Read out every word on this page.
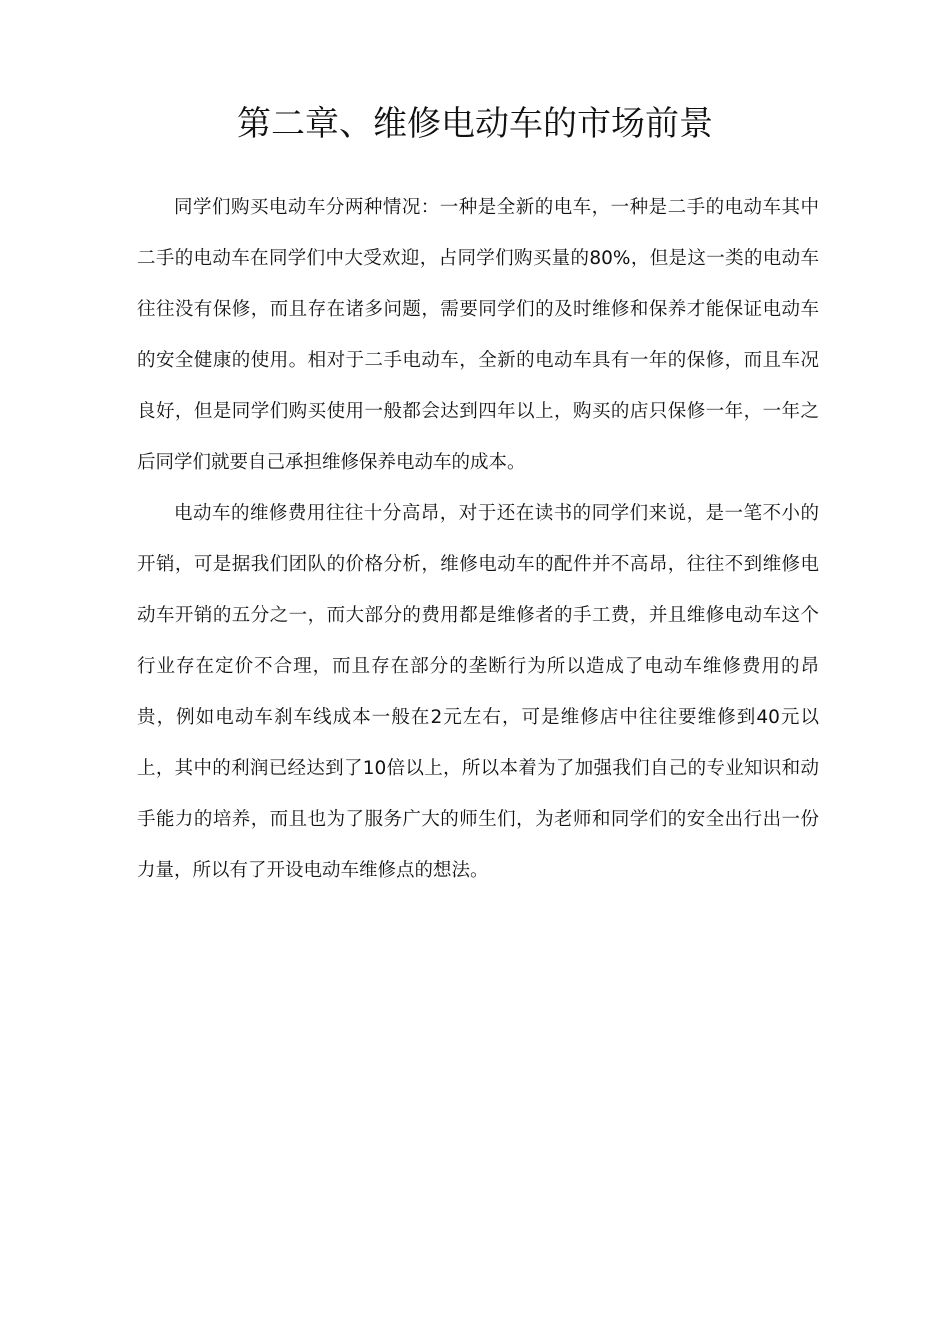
第二章、维修电动车的市场前景

同学们购买电动车分两种情况：一种是全新的电车，一种是二手的电动车其中二手的电动车在同学们中大受欢迎，占同学们购买量的80%，但是这一类的电动车往往没有保修，而且存在诸多问题，需要同学们的及时维修和保养才能保证电动车的安全健康的使用。相对于二手电动车，全新的电动车具有一年的保修，而且车况良好，但是同学们购买使用一般都会达到四年以上，购买的店只保修一年，一年之后同学们就要自己承担维修保养电动车的成本。

电动车的维修费用往往十分高昂，对于还在读书的同学们来说，是一笔不小的开销，可是据我们团队的价格分析，维修电动车的配件并不高昂，往往不到维修电动车开销的五分之一，而大部分的费用都是维修者的手工费，并且维修电动车这个行业存在定价不合理，而且存在部分的垄断行为所以造成了电动车维修费用的昂贵，例如电动车刹车线成本一般在2元左右，可是维修店中往往要维修到40元以上，其中的利润已经达到了10倍以上，所以本着为了加强我们自己的专业知识和动手能力的培养，而且也为了服务广大的师生们，为老师和同学们的安全出行出一份力量，所以有了开设电动车维修点的想法。
